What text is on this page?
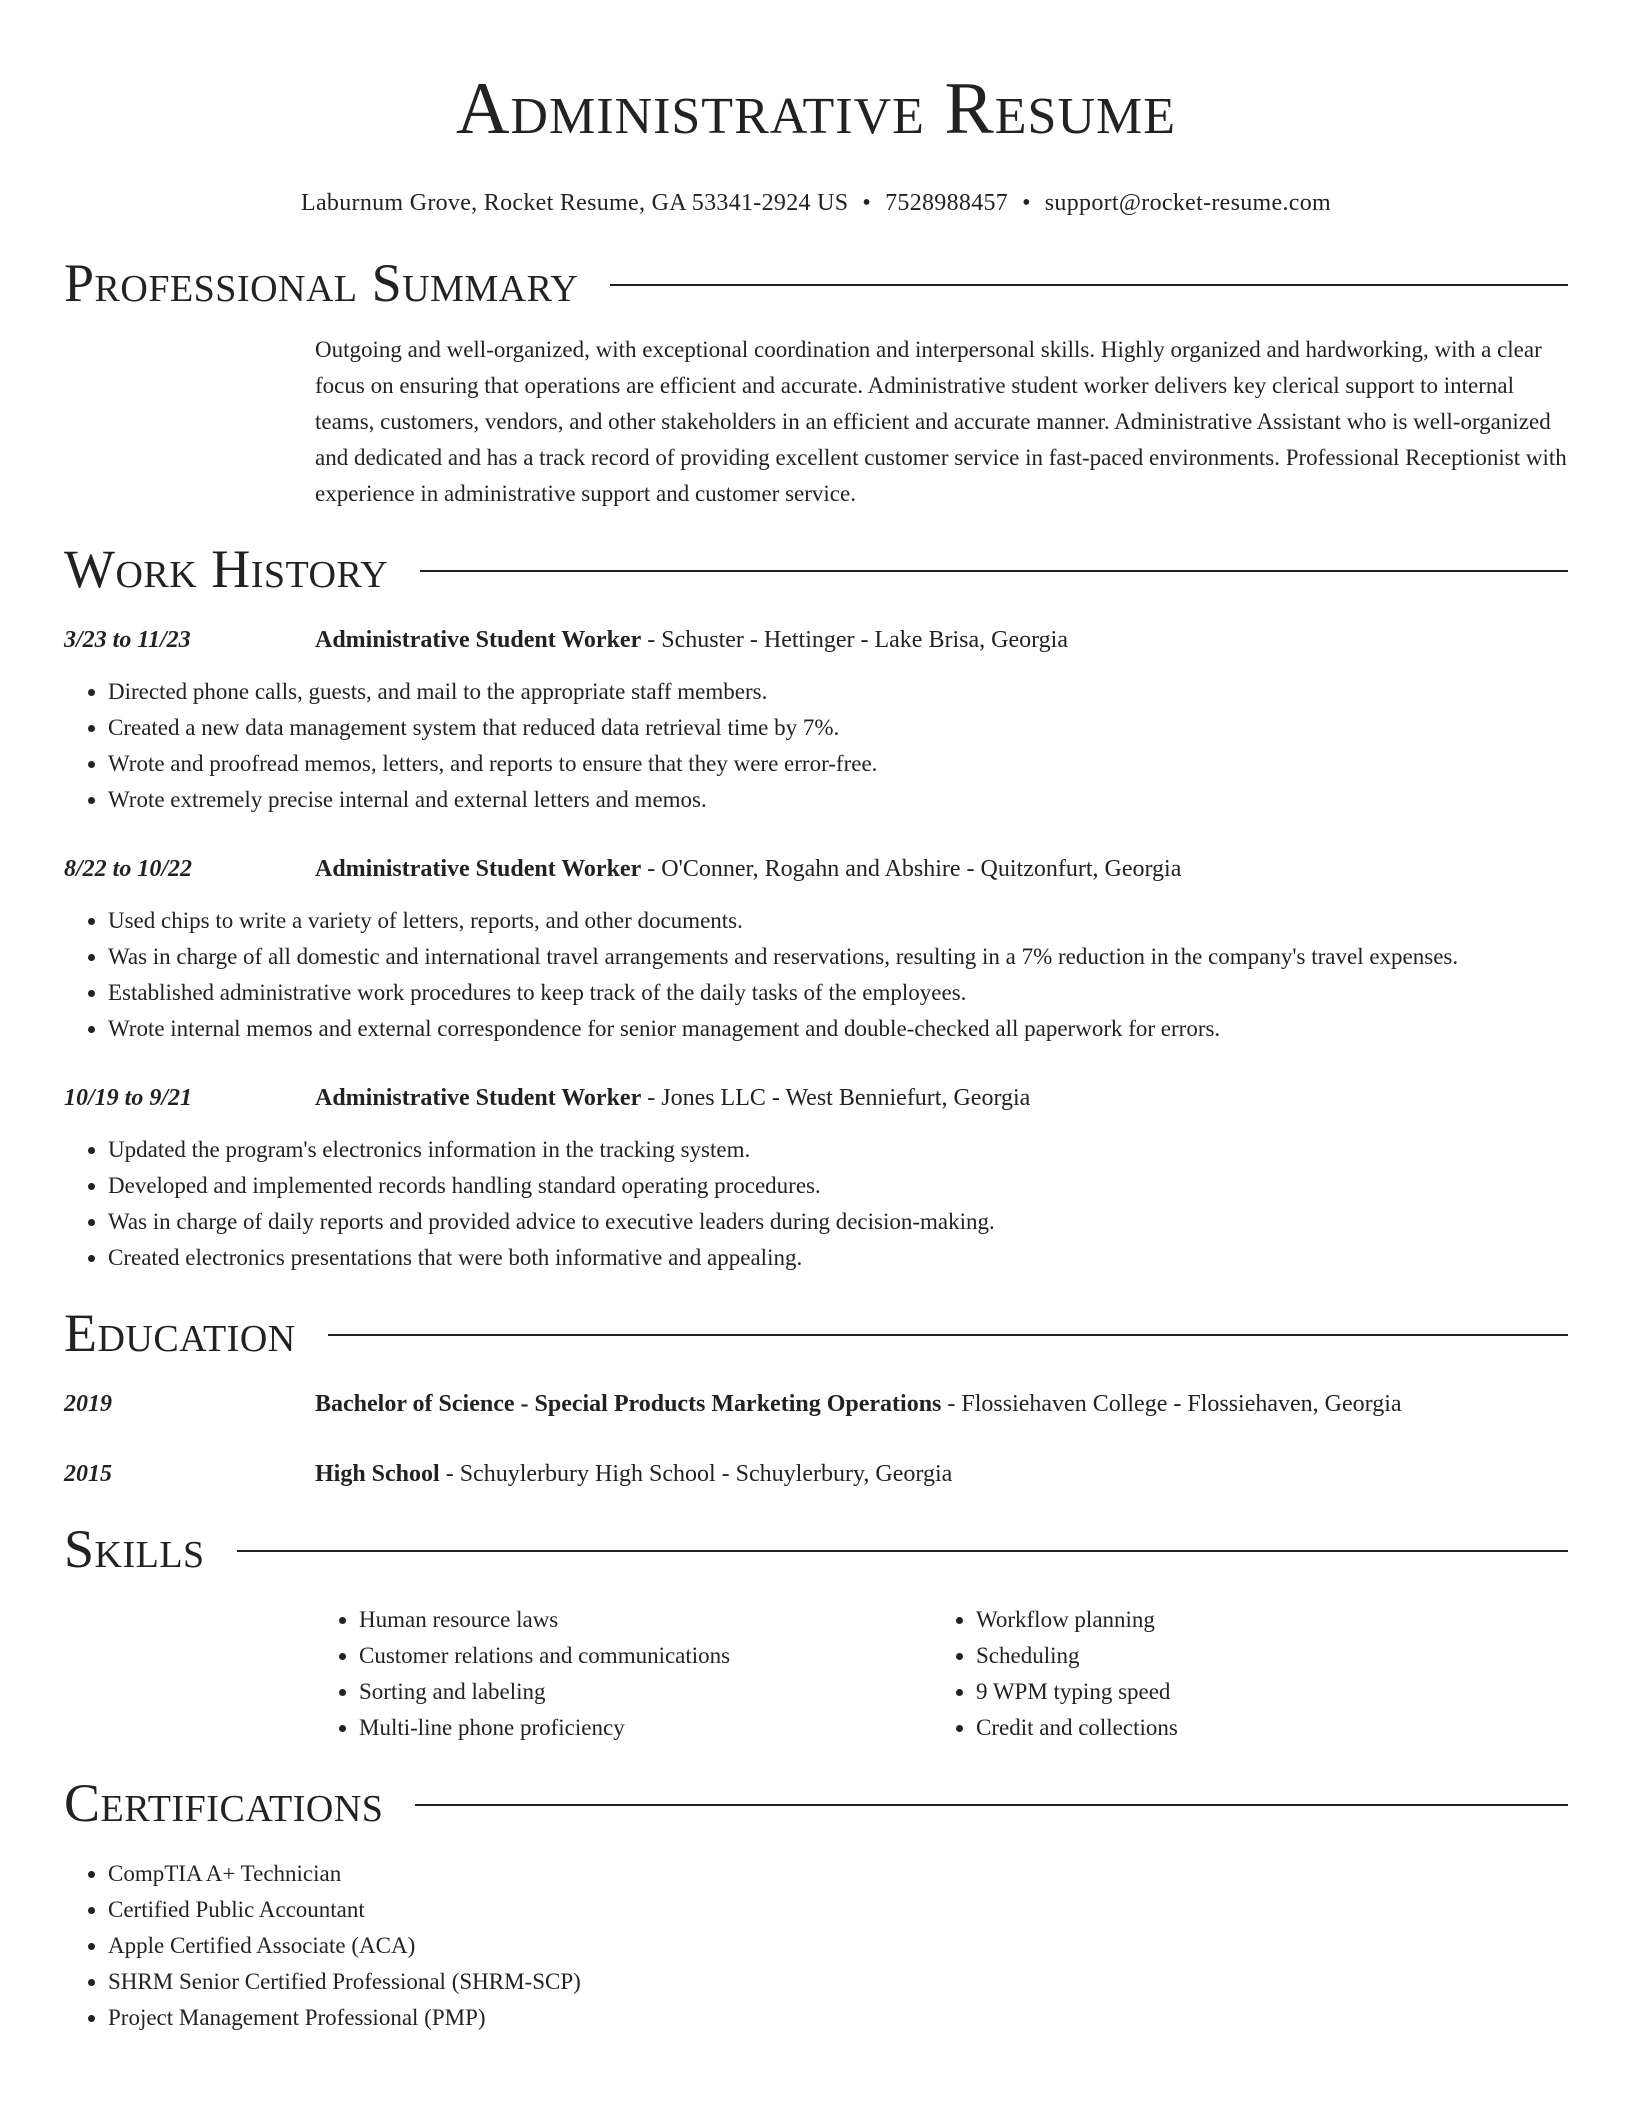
Administrative Resume
Laburnum Grove, Rocket Resume, GA 53341-2924 US • 7528988457 • support@rocket-resume.com
Professional Summary
Outgoing and well-organized, with exceptional coordination and interpersonal skills. Highly organized and hardworking, with a clear focus on ensuring that operations are efficient and accurate. Administrative student worker delivers key clerical support to internal teams, customers, vendors, and other stakeholders in an efficient and accurate manner. Administrative Assistant who is well-organized and dedicated and has a track record of providing excellent customer service in fast-paced environments. Professional Receptionist with experience in administrative support and customer service.
Work History
3/23 to 11/23	Administrative Student Worker - Schuster - Hettinger - Lake Brisa, Georgia
• Directed phone calls, guests, and mail to the appropriate staff members.
• Created a new data management system that reduced data retrieval time by 7%.
• Wrote and proofread memos, letters, and reports to ensure that they were error-free.
• Wrote extremely precise internal and external letters and memos.
8/22 to 10/22	Administrative Student Worker - O'Conner, Rogahn and Abshire - Quitzonfurt, Georgia
• Used chips to write a variety of letters, reports, and other documents.
• Was in charge of all domestic and international travel arrangements and reservations, resulting in a 7% reduction in the company's travel expenses.
• Established administrative work procedures to keep track of the daily tasks of the employees.
• Wrote internal memos and external correspondence for senior management and double-checked all paperwork for errors.
10/19 to 9/21	Administrative Student Worker - Jones LLC - West Benniefurt, Georgia
• Updated the program's electronics information in the tracking system.
• Developed and implemented records handling standard operating procedures.
• Was in charge of daily reports and provided advice to executive leaders during decision-making.
• Created electronics presentations that were both informative and appealing.
Education
2019	Bachelor of Science - Special Products Marketing Operations - Flossiehaven College - Flossiehaven, Georgia
2015	High School - Schuylerbury High School - Schuylerbury, Georgia
Skills
• Human resource laws
• Customer relations and communications
• Sorting and labeling
• Multi-line phone proficiency
• Workflow planning
• Scheduling
• 9 WPM typing speed
• Credit and collections
Certifications
• CompTIA A+ Technician
• Certified Public Accountant
• Apple Certified Associate (ACA)
• SHRM Senior Certified Professional (SHRM-SCP)
• Project Management Professional (PMP)
